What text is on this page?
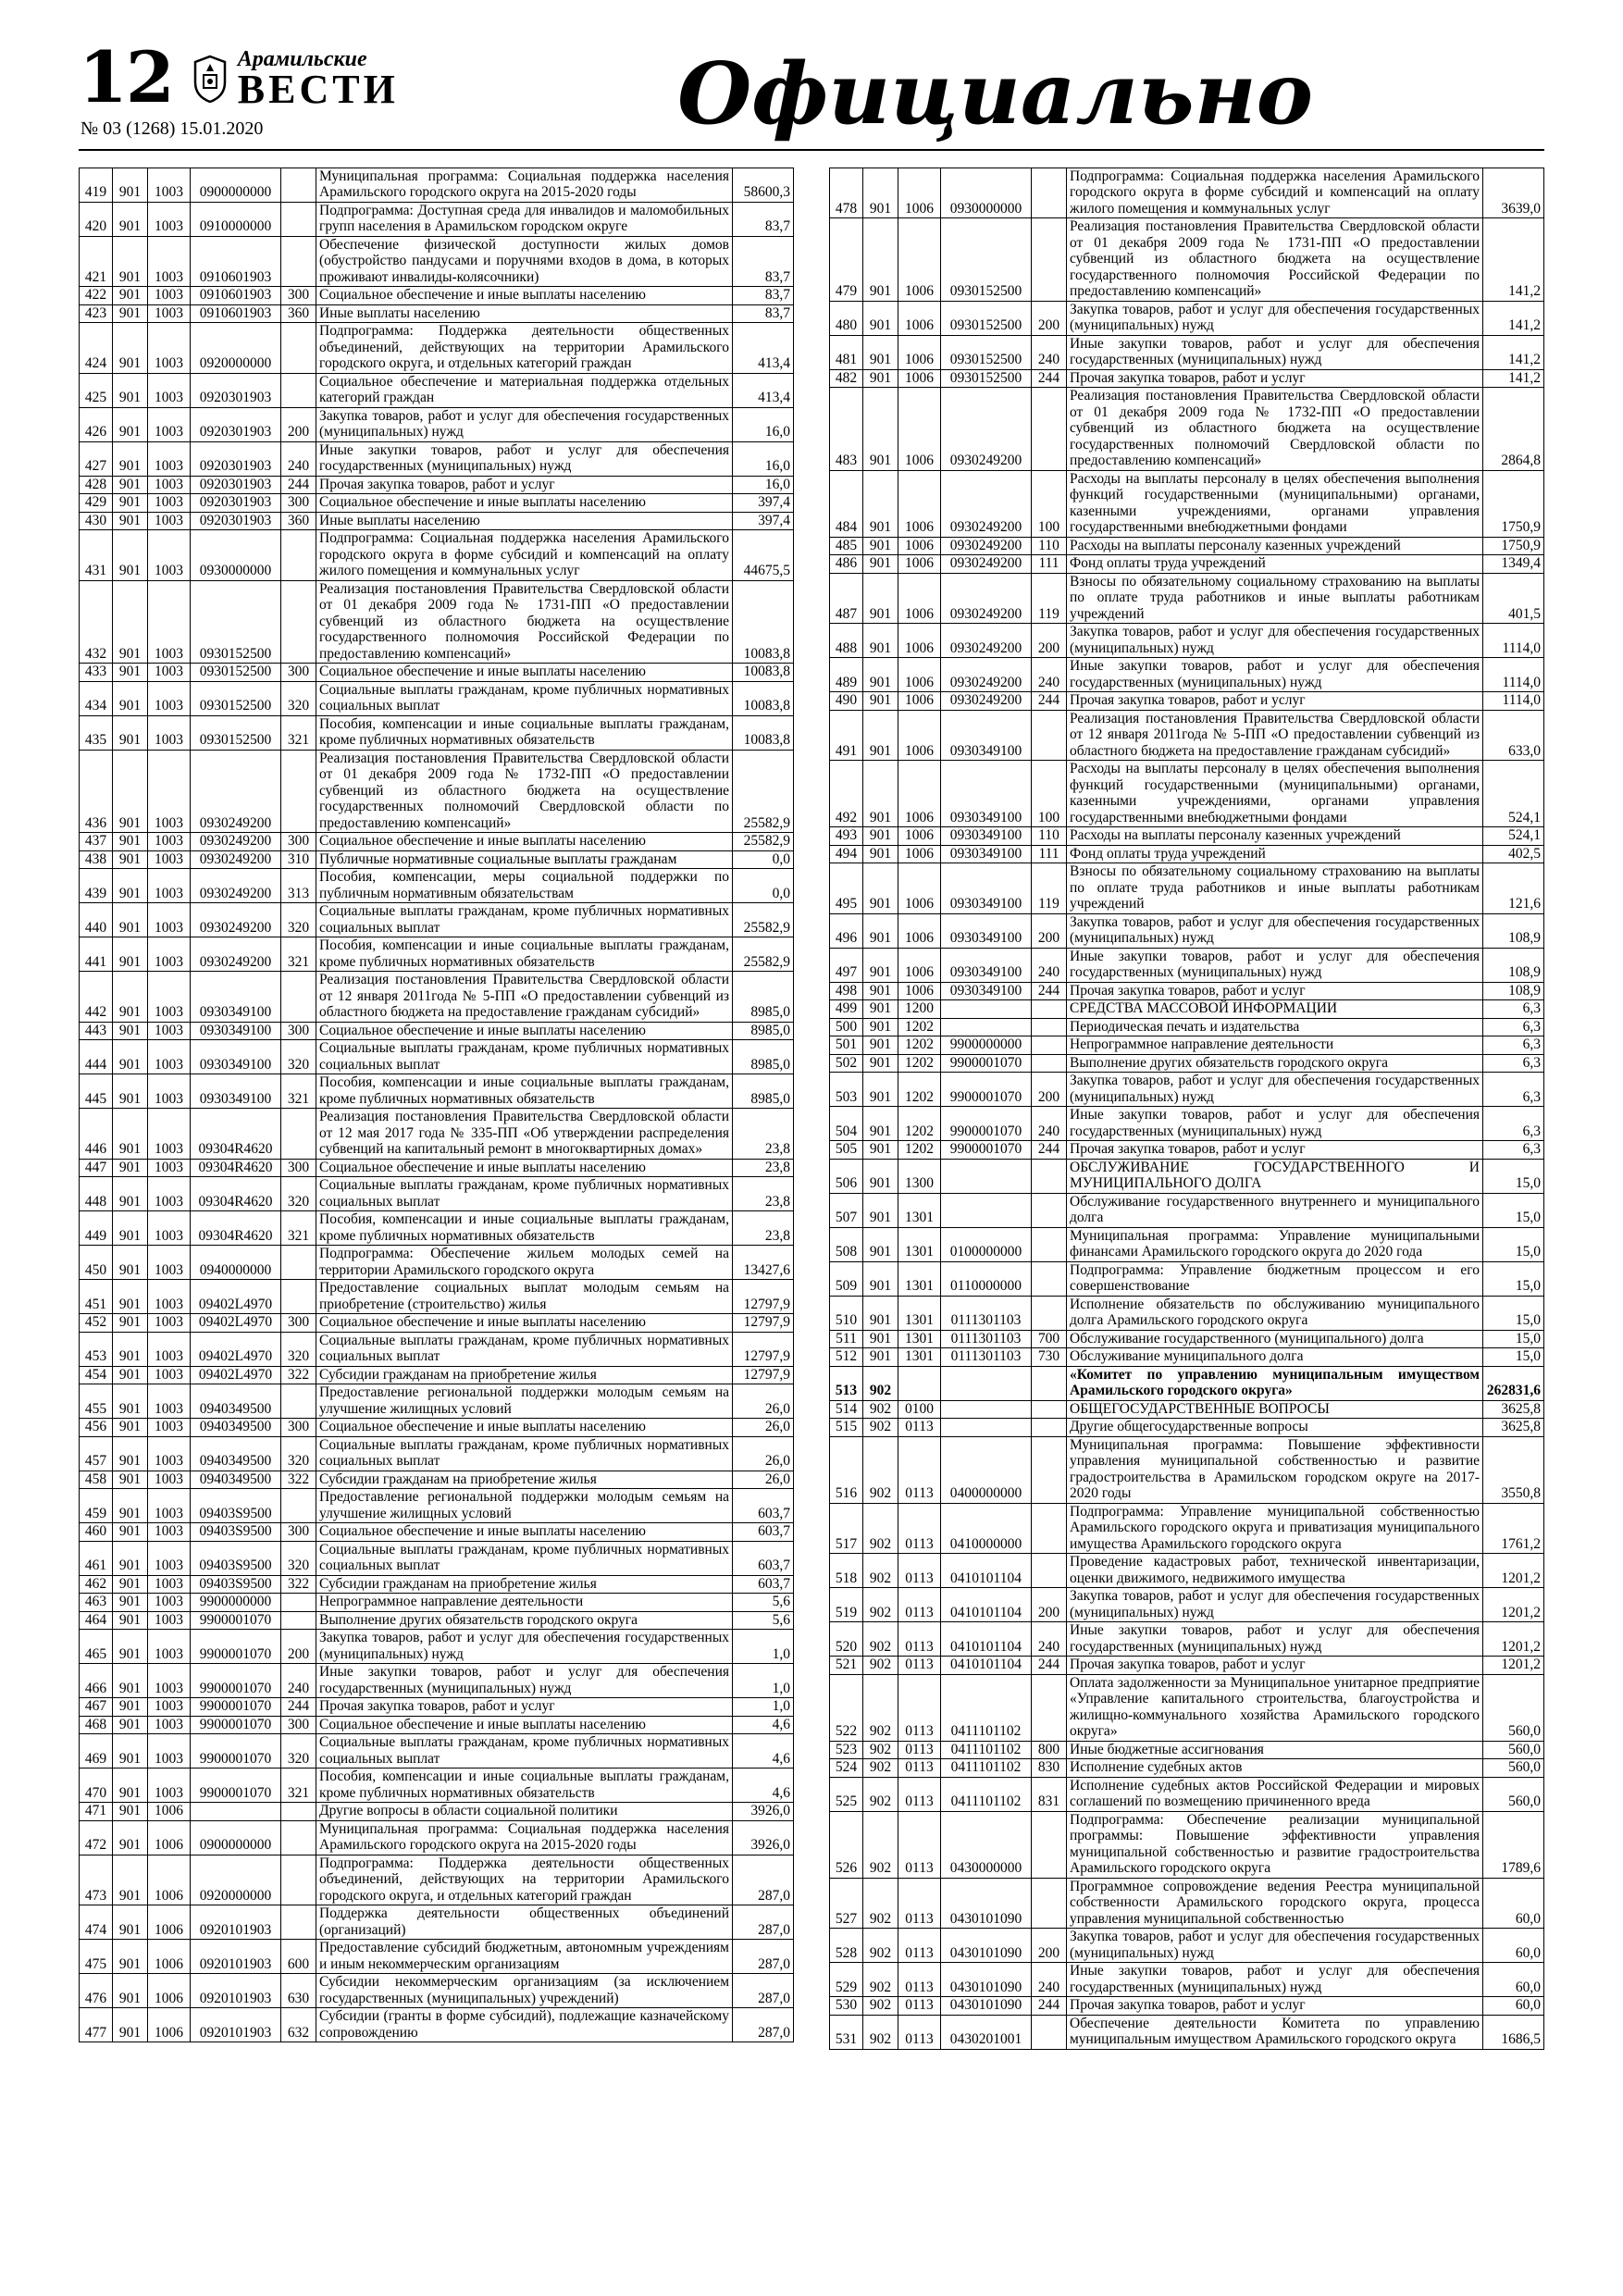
12	Арамильские
ВЕСТИ
№ 03 (1268) 15.01.2020	Официально
419	901	1003	0900000000		Муниципальная программа: Социальная поддержка населения Арамильского городского округа на 2015-2020 годы	58600,3
420	901	1003	0910000000		Подпрограмма: Доступная среда для инвалидов и маломобильных групп населения в Арамильском городском округе	83,7
421	901	1003	0910601903		Обеспечение физической доступности жилых домов (обустройство пандусами и поручнями входов в дома, в которых проживают инвалиды-колясочники)	83,7
422	901	1003	0910601903	300	Социальное обеспечение и иные выплаты населению	83,7
423	901	1003	0910601903	360	Иные выплаты населению	83,7
424	901	1003	0920000000		Подпрограмма: Поддержка деятельности общественных объединений, действующих на территории Арамильского городского округа, и отдельных категорий граждан	413,4
425	901	1003	0920301903		Социальное обеспечение и материальная поддержка отдельных категорий граждан	413,4
426	901	1003	0920301903	200	Закупка товаров, работ и услуг для обеспечения государственных (муниципальных) нужд	16,0
427	901	1003	0920301903	240	Иные закупки товаров, работ и услуг для обеспечения государственных (муниципальных) нужд	16,0
428	901	1003	0920301903	244	Прочая закупка товаров, работ и услуг	16,0
429	901	1003	0920301903	300	Социальное обеспечение и иные выплаты населению	397,4
430	901	1003	0920301903	360	Иные выплаты населению	397,4
431	901	1003	0930000000		Подпрограмма: Социальная поддержка населения Арамильского городского округа в форме субсидий и компенсаций на оплату жилого помещения и коммунальных услуг	44675,5
432	901	1003	0930152500		Реализация постановления Правительства Свердловской области от 01 декабря 2009 года № 1731-ПП «О предоставлении субвенций из областного бюджета на осуществление государственного полномочия Российской Федерации по предоставлению компенсаций»	10083,8
433	901	1003	0930152500	300	Социальное обеспечение и иные выплаты населению	10083,8
434	901	1003	0930152500	320	Социальные выплаты гражданам, кроме публичных нормативных социальных выплат	10083,8
435	901	1003	0930152500	321	Пособия, компенсации и иные социальные выплаты гражданам, кроме публичных нормативных обязательств	10083,8
436	901	1003	0930249200		Реализация постановления Правительства Свердловской области от 01 декабря 2009 года № 1732-ПП «О предоставлении субвенций из областного бюджета на осуществление государственных полномочий Свердловской области по предоставлению компенсаций»	25582,9
437	901	1003	0930249200	300	Социальное обеспечение и иные выплаты населению	25582,9
438	901	1003	0930249200	310	Публичные нормативные социальные выплаты гражданам	0,0
439	901	1003	0930249200	313	Пособия, компенсации, меры социальной поддержки по публичным нормативным обязательствам	0,0
440	901	1003	0930249200	320	Социальные выплаты гражданам, кроме публичных нормативных социальных выплат	25582,9
441	901	1003	0930249200	321	Пособия, компенсации и иные социальные выплаты гражданам, кроме публичных нормативных обязательств	25582,9
442	901	1003	0930349100		Реализация постановления Правительства Свердловской области от 12 января 2011года № 5-ПП «О предоставлении субвенций из областного бюджета на предоставление гражданам субсидий»	8985,0
443	901	1003	0930349100	300	Социальное обеспечение и иные выплаты населению	8985,0
444	901	1003	0930349100	320	Социальные выплаты гражданам, кроме публичных нормативных социальных выплат	8985,0
445	901	1003	0930349100	321	Пособия, компенсации и иные социальные выплаты гражданам, кроме публичных нормативных обязательств	8985,0
446	901	1003	09304R4620		Реализация постановления Правительства Свердловской области от 12 мая 2017 года № 335-ПП «Об утверждении распределения субвенций на капитальный ремонт в многоквартирных домах»	23,8
447	901	1003	09304R4620	300	Социальное обеспечение и иные выплаты населению	23,8
448	901	1003	09304R4620	320	Социальные выплаты гражданам, кроме публичных нормативных социальных выплат	23,8
449	901	1003	09304R4620	321	Пособия, компенсации и иные социальные выплаты гражданам, кроме публичных нормативных обязательств	23,8
450	901	1003	0940000000		Подпрограмма: Обеспечение жильем молодых семей на территории Арамильского городского округа	13427,6
451	901	1003	09402L4970		Предоставление социальных выплат молодым семьям на приобретение (строительство) жилья	12797,9
452	901	1003	09402L4970	300	Социальное обеспечение и иные выплаты населению	12797,9
453	901	1003	09402L4970	320	Социальные выплаты гражданам, кроме публичных нормативных социальных выплат	12797,9
454	901	1003	09402L4970	322	Субсидии гражданам на приобретение жилья	12797,9
455	901	1003	0940349500		Предоставление региональной поддержки молодым семьям на улучшение жилищных условий	26,0
456	901	1003	0940349500	300	Социальное обеспечение и иные выплаты населению	26,0
457	901	1003	0940349500	320	Социальные выплаты гражданам, кроме публичных нормативных социальных выплат	26,0
458	901	1003	0940349500	322	Субсидии гражданам на приобретение жилья	26,0
459	901	1003	09403S9500		Предоставление региональной поддержки молодым семьям на улучшение жилищных условий	603,7
460	901	1003	09403S9500	300	Социальное обеспечение и иные выплаты населению	603,7
461	901	1003	09403S9500	320	Социальные выплаты гражданам, кроме публичных нормативных социальных выплат	603,7
462	901	1003	09403S9500	322	Субсидии гражданам на приобретение жилья	603,7
463	901	1003	9900000000		Непрограммное направление деятельности	5,6
464	901	1003	9900001070		Выполнение других обязательств городского округа	5,6
465	901	1003	9900001070	200	Закупка товаров, работ и услуг для обеспечения государственных (муниципальных) нужд	1,0
466	901	1003	9900001070	240	Иные закупки товаров, работ и услуг для обеспечения государственных (муниципальных) нужд	1,0
467	901	1003	9900001070	244	Прочая закупка товаров, работ и услуг	1,0
468	901	1003	9900001070	300	Социальное обеспечение и иные выплаты населению	4,6
469	901	1003	9900001070	320	Социальные выплаты гражданам, кроме публичных нормативных социальных выплат	4,6
470	901	1003	9900001070	321	Пособия, компенсации и иные социальные выплаты гражданам, кроме публичных нормативных обязательств	4,6
471	901	1006			Другие вопросы в области социальной политики	3926,0
472	901	1006	0900000000		Муниципальная программа: Социальная поддержка населения Арамильского городского округа на 2015-2020 годы	3926,0
473	901	1006	0920000000		Подпрограмма: Поддержка деятельности общественных объединений, действующих на территории Арамильского городского округа, и отдельных категорий граждан	287,0
474	901	1006	0920101903		Поддержка деятельности общественных объединений (организаций)	287,0
475	901	1006	0920101903	600	Предоставление субсидий бюджетным, автономным учреждениям и иным некоммерческим организациям	287,0
476	901	1006	0920101903	630	Субсидии некоммерческим организациям (за исключением государственных (муниципальных) учреждений)	287,0
477	901	1006	0920101903	632	Субсидии (гранты в форме субсидий), подлежащие казначейскому сопровождению	287,0
478	901	1006	0930000000		Подпрограмма: Социальная поддержка населения Арамильского городского округа в форме субсидий и компенсаций на оплату жилого помещения и коммунальных услуг	3639,0
479	901	1006	0930152500		Реализация постановления Правительства Свердловской области от 01 декабря 2009 года № 1731-ПП «О предоставлении субвенций из областного бюджета на осуществление государственного полномочия Российской Федерации по предоставлению компенсаций»	141,2
480	901	1006	0930152500	200	Закупка товаров, работ и услуг для обеспечения государственных (муниципальных) нужд	141,2
481	901	1006	0930152500	240	Иные закупки товаров, работ и услуг для обеспечения государственных (муниципальных) нужд	141,2
482	901	1006	0930152500	244	Прочая закупка товаров, работ и услуг	141,2
483	901	1006	0930249200		Реализация постановления Правительства Свердловской области от 01 декабря 2009 года № 1732-ПП «О предоставлении субвенций из областного бюджета на осуществление государственных полномочий Свердловской области по предоставлению компенсаций»	2864,8
484	901	1006	0930249200	100	Расходы на выплаты персоналу в целях обеспечения выполнения функций государственными (муниципальными) органами, казенными учреждениями, органами управления государственными внебюджетными фондами	1750,9
485	901	1006	0930249200	110	Расходы на выплаты персоналу казенных учреждений	1750,9
486	901	1006	0930249200	111	Фонд оплаты труда учреждений	1349,4
487	901	1006	0930249200	119	Взносы по обязательному социальному страхованию на выплаты по оплате труда работников и иные выплаты работникам учреждений	401,5
488	901	1006	0930249200	200	Закупка товаров, работ и услуг для обеспечения государственных (муниципальных) нужд	1114,0
489	901	1006	0930249200	240	Иные закупки товаров, работ и услуг для обеспечения государственных (муниципальных) нужд	1114,0
490	901	1006	0930249200	244	Прочая закупка товаров, работ и услуг	1114,0
491	901	1006	0930349100		Реализация постановления Правительства Свердловской области от 12 января 2011года № 5-ПП «О предоставлении субвенций из областного бюджета на предоставление гражданам субсидий»	633,0
492	901	1006	0930349100	100	Расходы на выплаты персоналу в целях обеспечения выполнения функций государственными (муниципальными) органами, казенными учреждениями, органами управления государственными внебюджетными фондами	524,1
493	901	1006	0930349100	110	Расходы на выплаты персоналу казенных учреждений	524,1
494	901	1006	0930349100	111	Фонд оплаты труда учреждений	402,5
495	901	1006	0930349100	119	Взносы по обязательному социальному страхованию на выплаты по оплате труда работников и иные выплаты работникам учреждений	121,6
496	901	1006	0930349100	200	Закупка товаров, работ и услуг для обеспечения государственных (муниципальных) нужд	108,9
497	901	1006	0930349100	240	Иные закупки товаров, работ и услуг для обеспечения государственных (муниципальных) нужд	108,9
498	901	1006	0930349100	244	Прочая закупка товаров, работ и услуг	108,9
499	901	1200			СРЕДСТВА МАССОВОЙ ИНФОРМАЦИИ	6,3
500	901	1202			Периодическая печать и издательства	6,3
501	901	1202	9900000000		Непрограммное направление деятельности	6,3
502	901	1202	9900001070		Выполнение других обязательств городского округа	6,3
503	901	1202	9900001070	200	Закупка товаров, работ и услуг для обеспечения государственных (муниципальных) нужд	6,3
504	901	1202	9900001070	240	Иные закупки товаров, работ и услуг для обеспечения государственных (муниципальных) нужд	6,3
505	901	1202	9900001070	244	Прочая закупка товаров, работ и услуг	6,3
506	901	1300			ОБСЛУЖИВАНИЕ ГОСУДАРСТВЕННОГО И МУНИЦИПАЛЬНОГО ДОЛГА	15,0
507	901	1301			Обслуживание государственного внутреннего и муниципального долга	15,0
508	901	1301	0100000000		Муниципальная программа: Управление муниципальными финансами Арамильского городского округа до 2020 года	15,0
509	901	1301	0110000000		Подпрограмма: Управление бюджетным процессом и его совершенствование	15,0
510	901	1301	0111301103		Исполнение обязательств по обслуживанию муниципального долга Арамильского городского округа	15,0
511	901	1301	0111301103	700	Обслуживание государственного (муниципального) долга	15,0
512	901	1301	0111301103	730	Обслуживание муниципального долга	15,0
513	902				«Комитет по управлению муниципальным имуществом Арамильского городского округа»	262831,6
514	902	0100			ОБЩЕГОСУДАРСТВЕННЫЕ ВОПРОСЫ	3625,8
515	902	0113			Другие общегосударственные вопросы	3625,8
516	902	0113	0400000000		Муниципальная программа: Повышение эффективности управления муниципальной собственностью и развитие градостроительства в Арамильском городском округе на 2017-2020 годы	3550,8
517	902	0113	0410000000		Подпрограмма: Управление муниципальной собственностью Арамильского городского округа и приватизация муниципального имущества Арамильского городского округа	1761,2
518	902	0113	0410101104		Проведение кадастровых работ, технической инвентаризации, оценки движимого, недвижимого имущества	1201,2
519	902	0113	0410101104	200	Закупка товаров, работ и услуг для обеспечения государственных (муниципальных) нужд	1201,2
520	902	0113	0410101104	240	Иные закупки товаров, работ и услуг для обеспечения государственных (муниципальных) нужд	1201,2
521	902	0113	0410101104	244	Прочая закупка товаров, работ и услуг	1201,2
522	902	0113	0411101102		Оплата задолженности за Муниципальное унитарное предприятие «Управление капитального строительства, благоустройства и жилищно-коммунального хозяйства Арамильского городского округа»	560,0
523	902	0113	0411101102	800	Иные бюджетные ассигнования	560,0
524	902	0113	0411101102	830	Исполнение судебных актов	560,0
525	902	0113	0411101102	831	Исполнение судебных актов Российской Федерации и мировых соглашений по возмещению причиненного вреда	560,0
526	902	0113	0430000000		Подпрограмма: Обеспечение реализации муниципальной программы: Повышение эффективности управления муниципальной собственностью и развитие градостроительства Арамильского городского округа	1789,6
527	902	0113	0430101090		Программное сопровождение ведения Реестра муниципальной собственности Арамильского городского округа, процесса управления муниципальной собственностью	60,0
528	902	0113	0430101090	200	Закупка товаров, работ и услуг для обеспечения государственных (муниципальных) нужд	60,0
529	902	0113	0430101090	240	Иные закупки товаров, работ и услуг для обеспечения государственных (муниципальных) нужд	60,0
530	902	0113	0430101090	244	Прочая закупка товаров, работ и услуг	60,0
531	902	0113	0430201001		Обеспечение деятельности Комитета по управлению муниципальным имуществом Арамильского городского округа	1686,5
